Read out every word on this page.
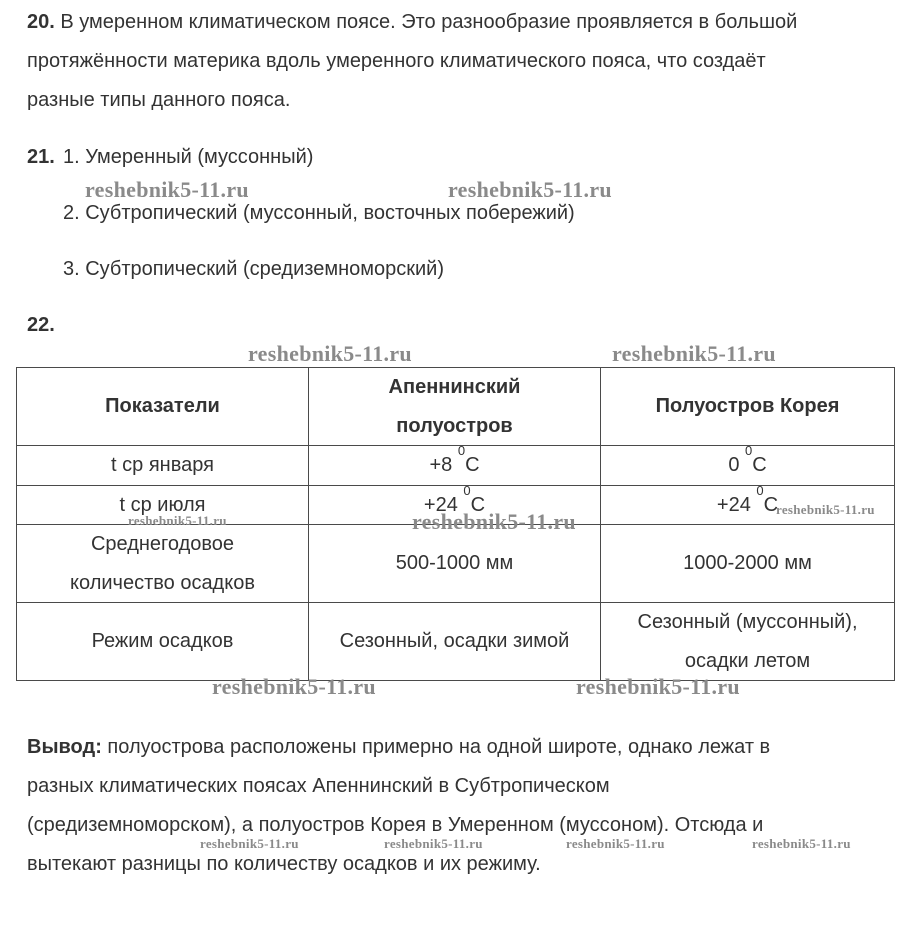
20. В умеренном климатическом поясе. Это разнообразие проявляется в большой
протяжённости материка вдоль умеренного климатического пояса, что создаёт
разные типы данного пояса.
21. 1. Умеренный (муссонный)
2. Субтропический (муссонный, восточных побережий)
3. Субтропический (средиземноморский)
22.
Показатели	Апеннинский полуостров	Полуостров Корея
t ср января	+8 $^0$C	0 $^0$C
t ср июля	+24 $^0$C	+24 $^0$C

Среднегодовое количество осадков	500-1000 мм	1000-2000 мм
Режим осадков	Сезонный, осадки зимой	Сезонный (муссонный), осадки летом
Вывод: полуострова расположены примерно на одной широте, однако лежат в
разных климатических поясах Апеннинский в Субтропическом
(средиземноморском), а полуостров Корея в Умеренном (муссоном). Отсюда и
вытекают разницы по количеству осадков и их режиму.
reshebnik5-11.ru	reshebnik5-11.ru
reshebnik5-11.ru	reshebnik5-11.ru
reshebnik5-11.ru	reshebnik5-11.ru	reshebnik5-11.ru
reshebnik5-11.ru	reshebnik5-11.ru
reshebnik5-11.ru	reshebnik5-11.ru	reshebnik5-11.ru	reshebnik5-11.ru
